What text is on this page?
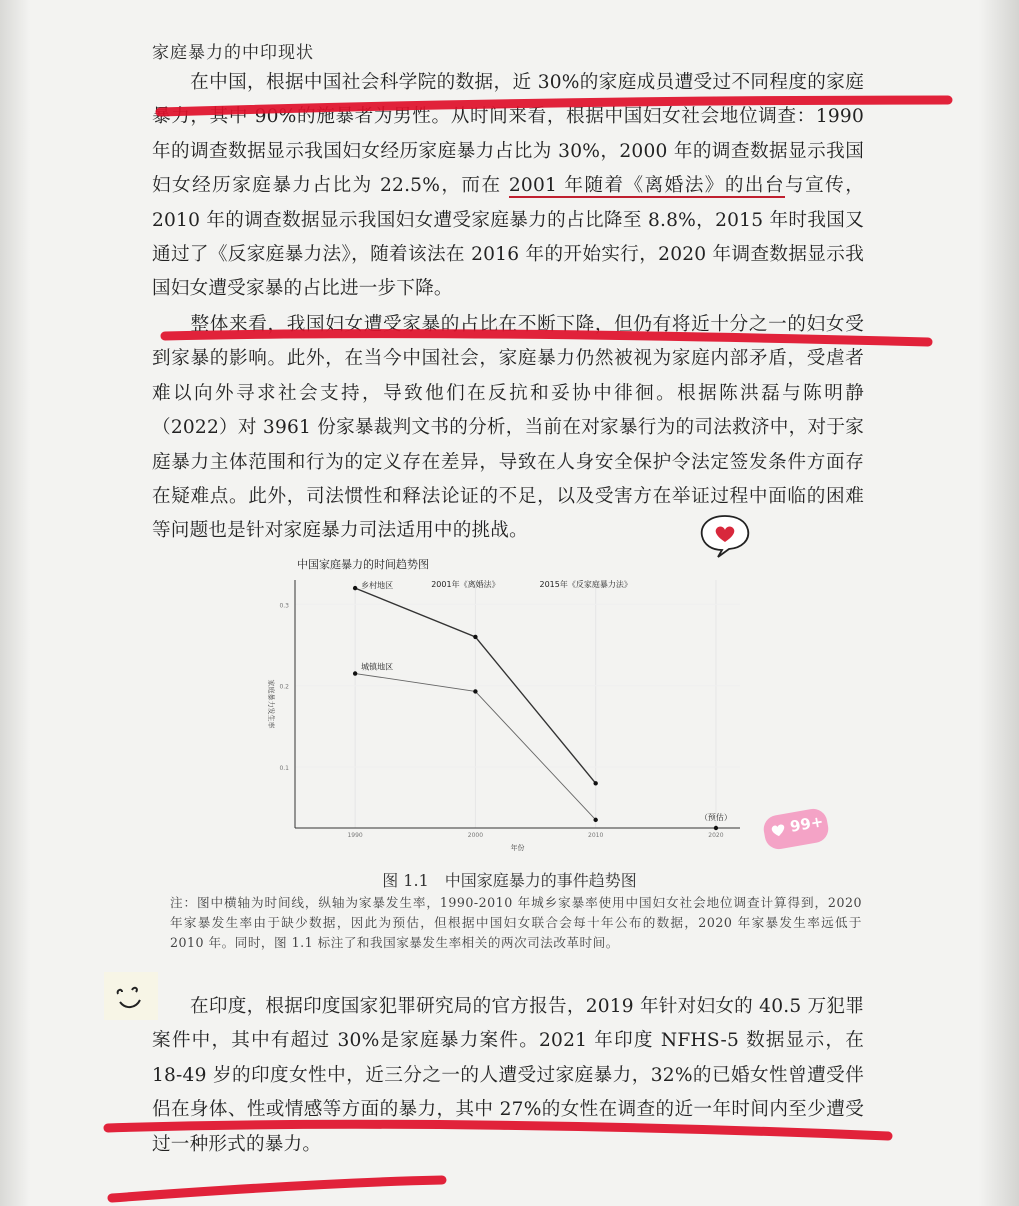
家庭暴力的中印现状
在中国，根据中国社会科学院的数据，近 30%的家庭成员遭受过不同程度的家庭暴力，其中 90%的施暴者为男性。从时间来看，根据中国妇女社会地位调查：1990 年的调查数据显示我国妇女经历家庭暴力占比为 30%，2000 年的调查数据显示我国妇女经历家庭暴力占比为 22.5%，而在 2001 年随着《离婚法》的出台与宣传，2010 年的调查数据显示我国妇女遭受家庭暴力的占比降至 8.8%，2015 年时我国又通过了《反家庭暴力法》，随着该法在 2016 年的开始实行，2020 年调查数据显示我国妇女遭受家暴的占比进一步下降。
整体来看，我国妇女遭受家暴的占比在不断下降，但仍有将近十分之一的妇女受到家暴的影响。此外，在当今中国社会，家庭暴力仍然被视为家庭内部矛盾，受虐者难以向外寻求社会支持，导致他们在反抗和妥协中徘徊。根据陈洪磊与陈明静（2022）对 3961 份家暴裁判文书的分析，当前在对家暴行为的司法救济中，对于家庭暴力主体范围和行为的定义存在差异，导致在人身安全保护令法定签发条件方面存在疑难点。此外，司法惯性和释法论证的不足，以及受害方在举证过程中面临的困难等问题也是针对家庭暴力司法适用中的挑战。
中国家庭暴力的时间趋势图
0.1
0.2
0.3
1990	2000	2010	2020
年份
家庭暴力发生率
2001年《离婚法》	2015年《反家庭暴力法》
乡村地区
城镇地区
（预估）
图 1.1　中国家庭暴力的事件趋势图
注：图中横轴为时间线，纵轴为家暴发生率，1990-2010 年城乡家暴率使用中国妇女社会地位调查计算得到，2020 年家暴发生率由于缺少数据，因此为预估，但根据中国妇女联合会每十年公布的数据，2020 年家暴发生率远低于 2010 年。同时，图 1.1 标注了和我国家暴发生率相关的两次司法改革时间。
在印度，根据印度国家犯罪研究局的官方报告，2019 年针对妇女的 40.5 万犯罪案件中，其中有超过 30%是家庭暴力案件。2021 年印度 NFHS-5 数据显示，在 18-49 岁的印度女性中，近三分之一的人遭受过家庭暴力，32%的已婚女性曾遭受伴侣在身体、性或情感等方面的暴力，其中 27%的女性在调查的近一年时间内至少遭受过一种形式的暴力。
99+
